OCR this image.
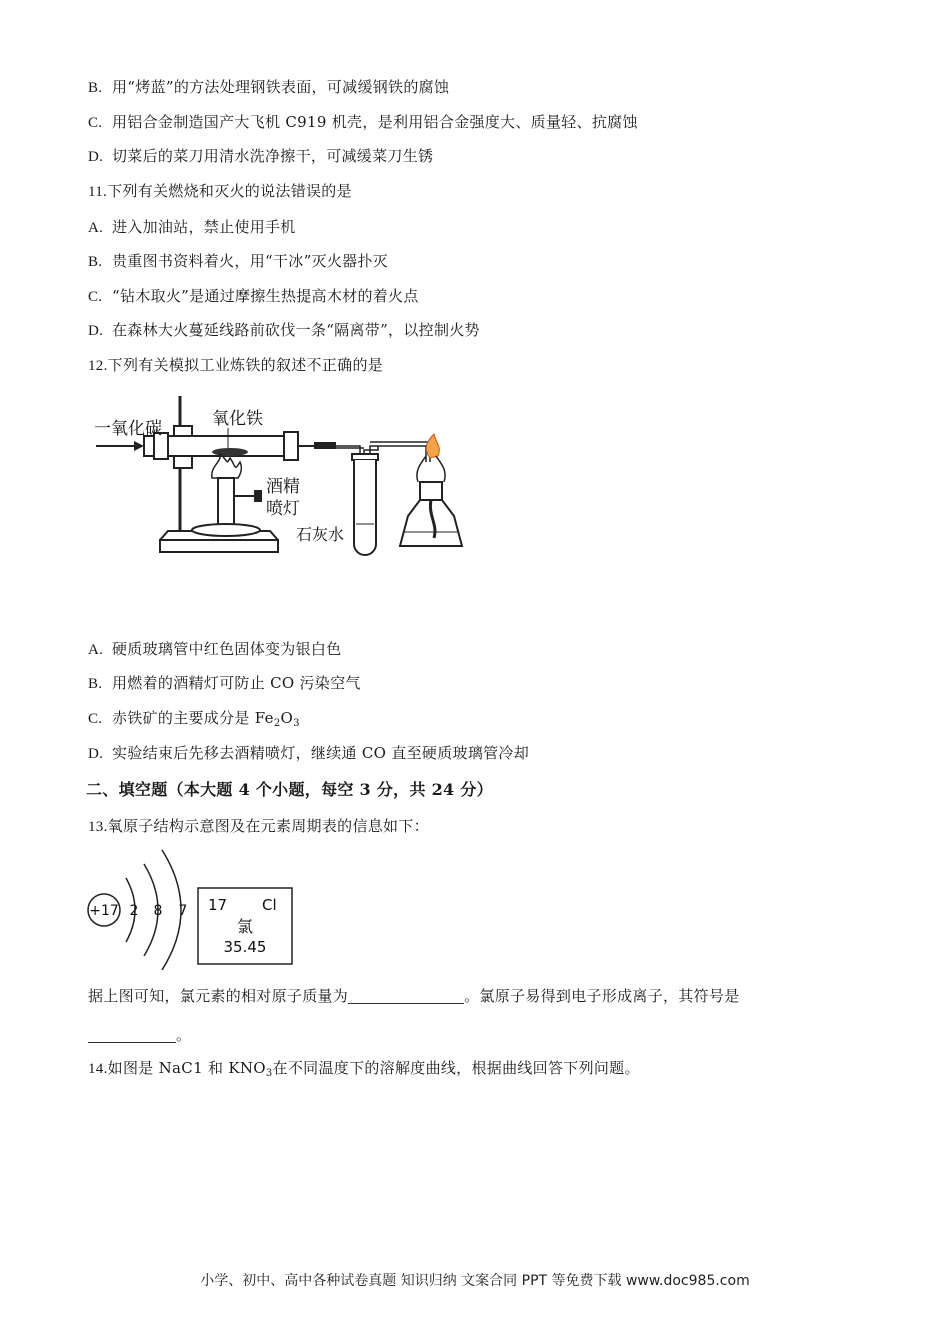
B. 用“烤蓝”的方法处理钢铁表面，可减缓钢铁的腐蚀
C. 用铝合金制造国产大飞机 C919 机壳，是利用铝合金强度大、质量轻、抗腐蚀
D. 切菜后的菜刀用清水洗净擦干，可减缓菜刀生锈
11.下列有关燃烧和灭火的说法错误的是
A. 进入加油站，禁止使用手机
B. 贵重图书资料着火，用“干冰”灭火器扑灭
C. “钻木取火”是通过摩擦生热提高木材的着火点
D. 在森林大火蔓延线路前砍伐一条“隔离带”，以控制火势
12.下列有关模拟工业炼铁的叙述不正确的是
一氧化碳	氧化铁
酒精
喷灯
石灰水
A. 硬质玻璃管中红色固体变为银白色
B. 用燃着的酒精灯可防止 CO 污染空气
C. 赤铁矿的主要成分是 $Fe_2O_3$
D. 实验结束后先移去酒精喷灯，继续通 CO 直至硬质玻璃管冷却
二、填空题（本大题 4 个小题，每空 3 分，共 24 分）
13.氧原子结构示意图及在元素周期表的信息如下：
+17 2 8 7 17 Cl
氯
35.45
据上图可知，氯元素的相对原子质量为	。氯原子易得到电子形成离子，其符号是
。
14.如图是 NaC1 和 $KNO_3$在不同温度下的溶解度曲线，根据曲线回答下列问题。
小学、初中、高中各种试卷真题 知识归纳 文案合同 PPT 等免费下载 www.doc985.com
